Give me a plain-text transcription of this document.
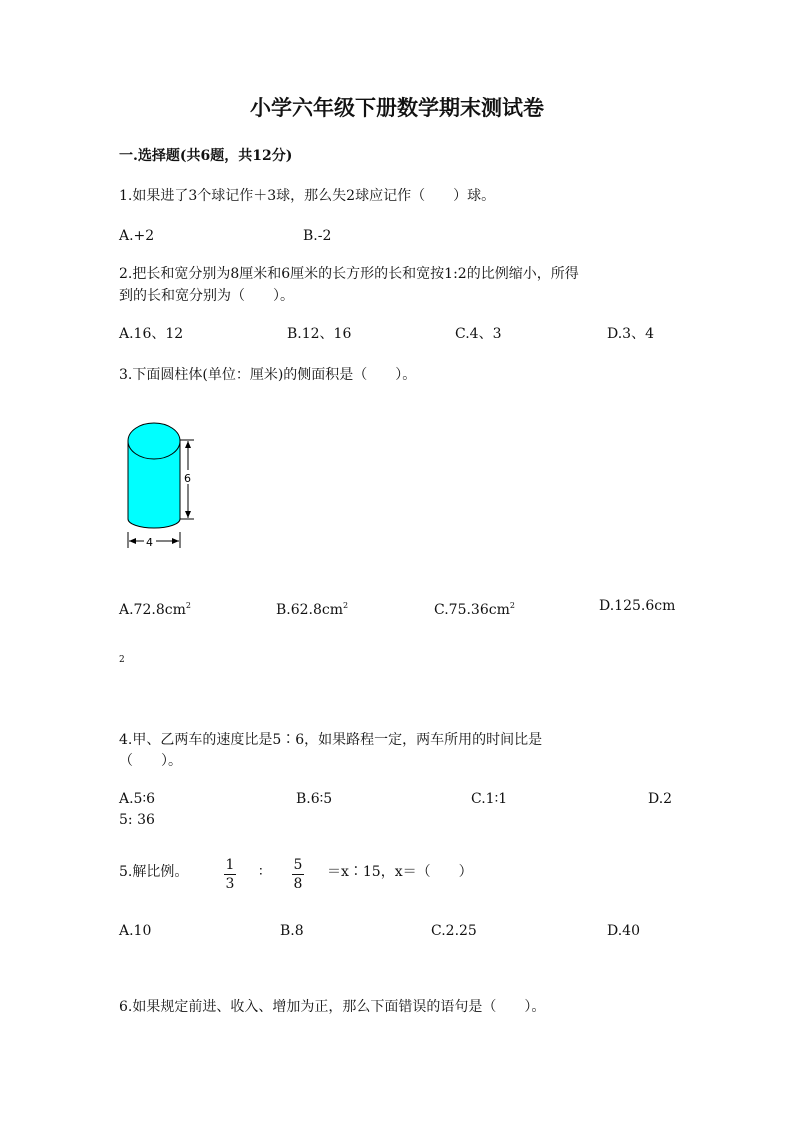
小学六年级下册数学期末测试卷
一.选择题(共6题，共12分)
1.如果进了3个球记作＋3球，那么失2球应记作（　　）球。
A.+2	B.-2
2.把长和宽分别为8厘米和6厘米的长方形的长和宽按1:2的比例缩小，所得
到的长和宽分别为（　　）。
A.16、12	B.12、16	C.4、3	D.3、4
3.下面圆柱体(单位：厘米)的侧面积是（　　）。
6
4
$A.72.8cm^2$	$B.62.8cm^2$	$C.75.36cm^2$	D.125.6cm
2
4.甲、乙两车的速度比是5∶6，如果路程一定，两车所用的时间比是
（　　）。
A.5∶6	B.6∶5	C.1∶1	D.2
5: 36
5.解比例。	1
3
∶ 5
8
＝x∶15，x＝（　　）
A.10	B.8	C.2.25	D.40
6.如果规定前进、收入、增加为正，那么下面错误的语句是（　　）。
